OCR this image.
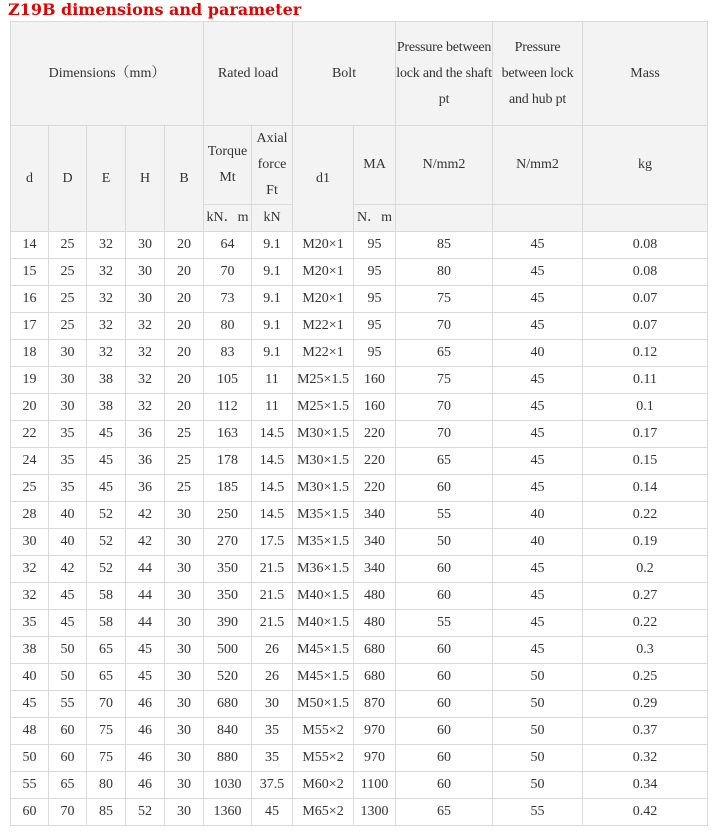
Z19B dimensions and parameter
Dimensions（mm）					Rated load		Bolt		Pressure between lock and the shaft pt	Pressure between lock and hub pt	Mass
d	D	E	H	B	Torque Mt	Axial force Ft	d1	MA	N/mm2	N/mm2	kg
					kN．m	kN		N．m			
14	25	32	30	20	64	9.1	M20×1	95	85	45	0.08
15	25	32	30	20	70	9.1	M20×1	95	80	45	0.08
16	25	32	30	20	73	9.1	M20×1	95	75	45	0.07
17	25	32	32	20	80	9.1	M22×1	95	70	45	0.07
18	30	32	32	20	83	9.1	M22×1	95	65	40	0.12
19	30	38	32	20	105	11	M25×1.5	160	75	45	0.11
20	30	38	32	20	112	11	M25×1.5	160	70	45	0.1
22	35	45	36	25	163	14.5	M30×1.5	220	70	45	0.17
24	35	45	36	25	178	14.5	M30×1.5	220	65	45	0.15
25	35	45	36	25	185	14.5	M30×1.5	220	60	45	0.14
28	40	52	42	30	250	14.5	M35×1.5	340	55	40	0.22
30	40	52	42	30	270	17.5	M35×1.5	340	50	40	0.19
32	42	52	44	30	350	21.5	M36×1.5	340	60	45	0.2
32	45	58	44	30	350	21.5	M40×1.5	480	60	45	0.27
35	45	58	44	30	390	21.5	M40×1.5	480	55	45	0.22
38	50	65	45	30	500	26	M45×1.5	680	60	45	0.3
40	50	65	45	30	520	26	M45×1.5	680	60	50	0.25
45	55	70	46	30	680	30	M50×1.5	870	60	50	0.29
48	60	75	46	30	840	35	M55×2	970	60	50	0.37
50	60	75	46	30	880	35	M55×2	970	60	50	0.32
55	65	80	46	30	1030	37.5	M60×2	1100	60	50	0.34
60	70	85	52	30	1360	45	M65×2	1300	65	55	0.42
